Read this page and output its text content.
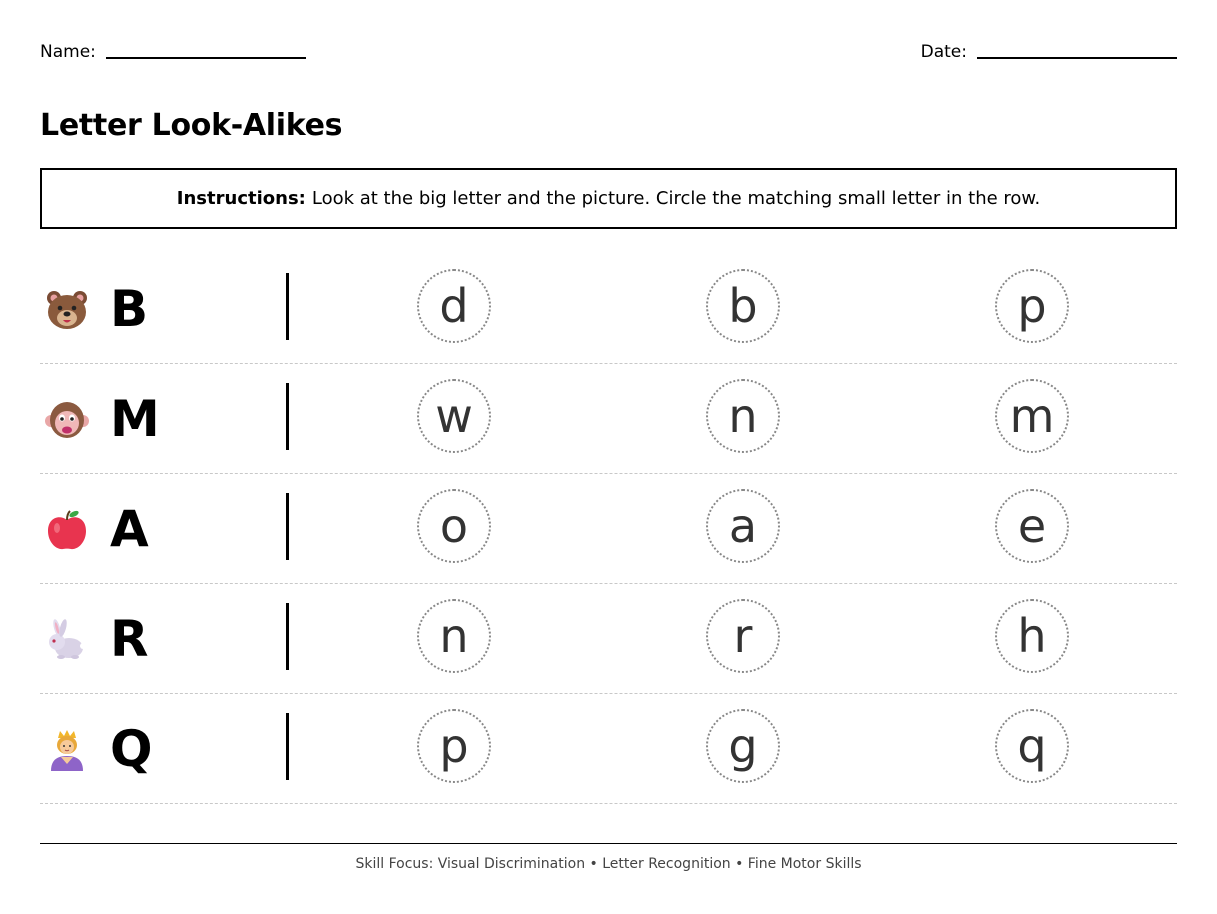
Name:	Date:
Letter Look-Alikes
Instructions: Look at the big letter and the picture. Circle the matching small letter in the row.
B	d	b	p
M	w	n	m
A	o	a	e
R	n	r	h
Q	p	g	q
Skill Focus: Visual Discrimination • Letter Recognition • Fine Motor Skills
